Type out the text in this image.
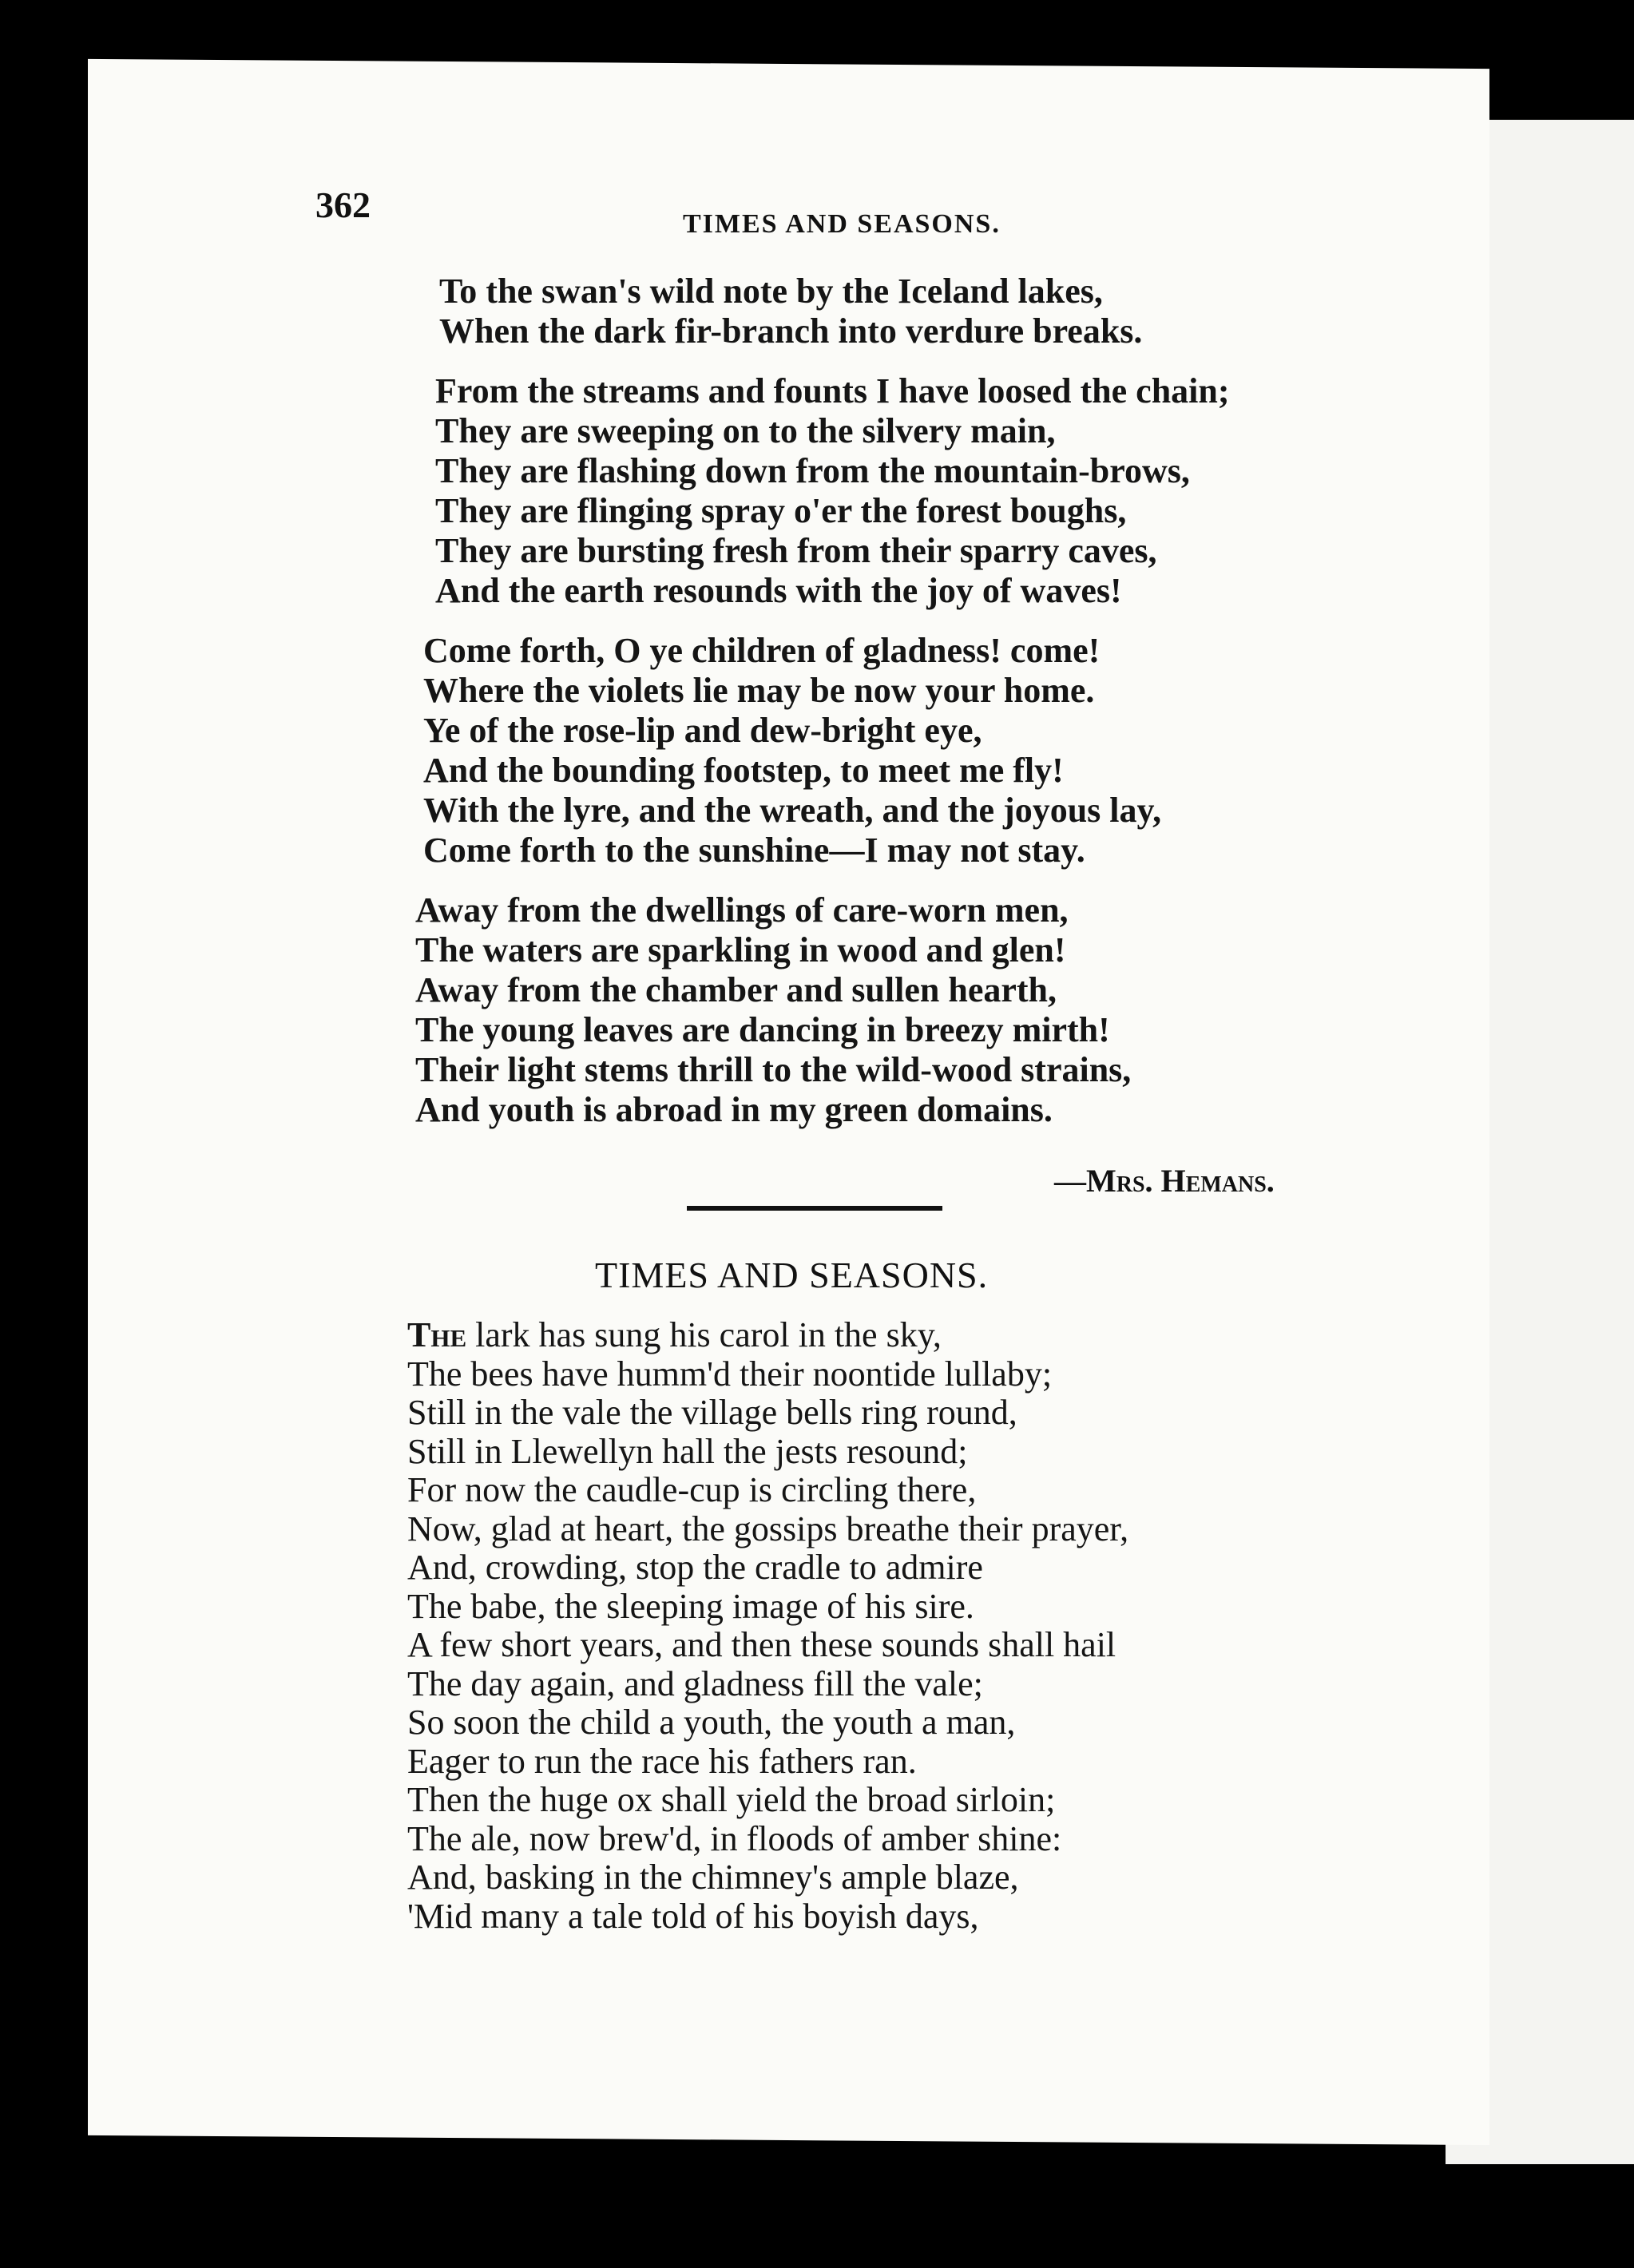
362	TIMES AND SEASONS.
To the swan's wild note by the Iceland lakes,
When the dark fir-branch into verdure breaks.
From the streams and founts I have loosed the chain;
They are sweeping on to the silvery main,
They are flashing down from the mountain-brows,
They are flinging spray o'er the forest boughs,
They are bursting fresh from their sparry caves,
And the earth resounds with the joy of waves!
Come forth, O ye children of gladness! come!
Where the violets lie may be now your home.
Ye of the rose-lip and dew-bright eye,
And the bounding footstep, to meet me fly!
With the lyre, and the wreath, and the joyous lay,
Come forth to the sunshine—I may not stay.
Away from the dwellings of care-worn men,
The waters are sparkling in wood and glen!
Away from the chamber and sullen hearth,
The young leaves are dancing in breezy mirth!
Their light stems thrill to the wild-wood strains,
And youth is abroad in my green domains.
—Mrs. Hemans.
TIMES AND SEASONS.
The lark has sung his carol in the sky,
The bees have humm'd their noontide lullaby;
Still in the vale the village bells ring round,
Still in Llewellyn hall the jests resound;
For now the caudle-cup is circling there,
Now, glad at heart, the gossips breathe their prayer,
And, crowding, stop the cradle to admire
The babe, the sleeping image of his sire.
A few short years, and then these sounds shall hail
The day again, and gladness fill the vale;
So soon the child a youth, the youth a man,
Eager to run the race his fathers ran.
Then the huge ox shall yield the broad sirloin;
The ale, now brew'd, in floods of amber shine:
And, basking in the chimney's ample blaze,
'Mid many a tale told of his boyish days,
